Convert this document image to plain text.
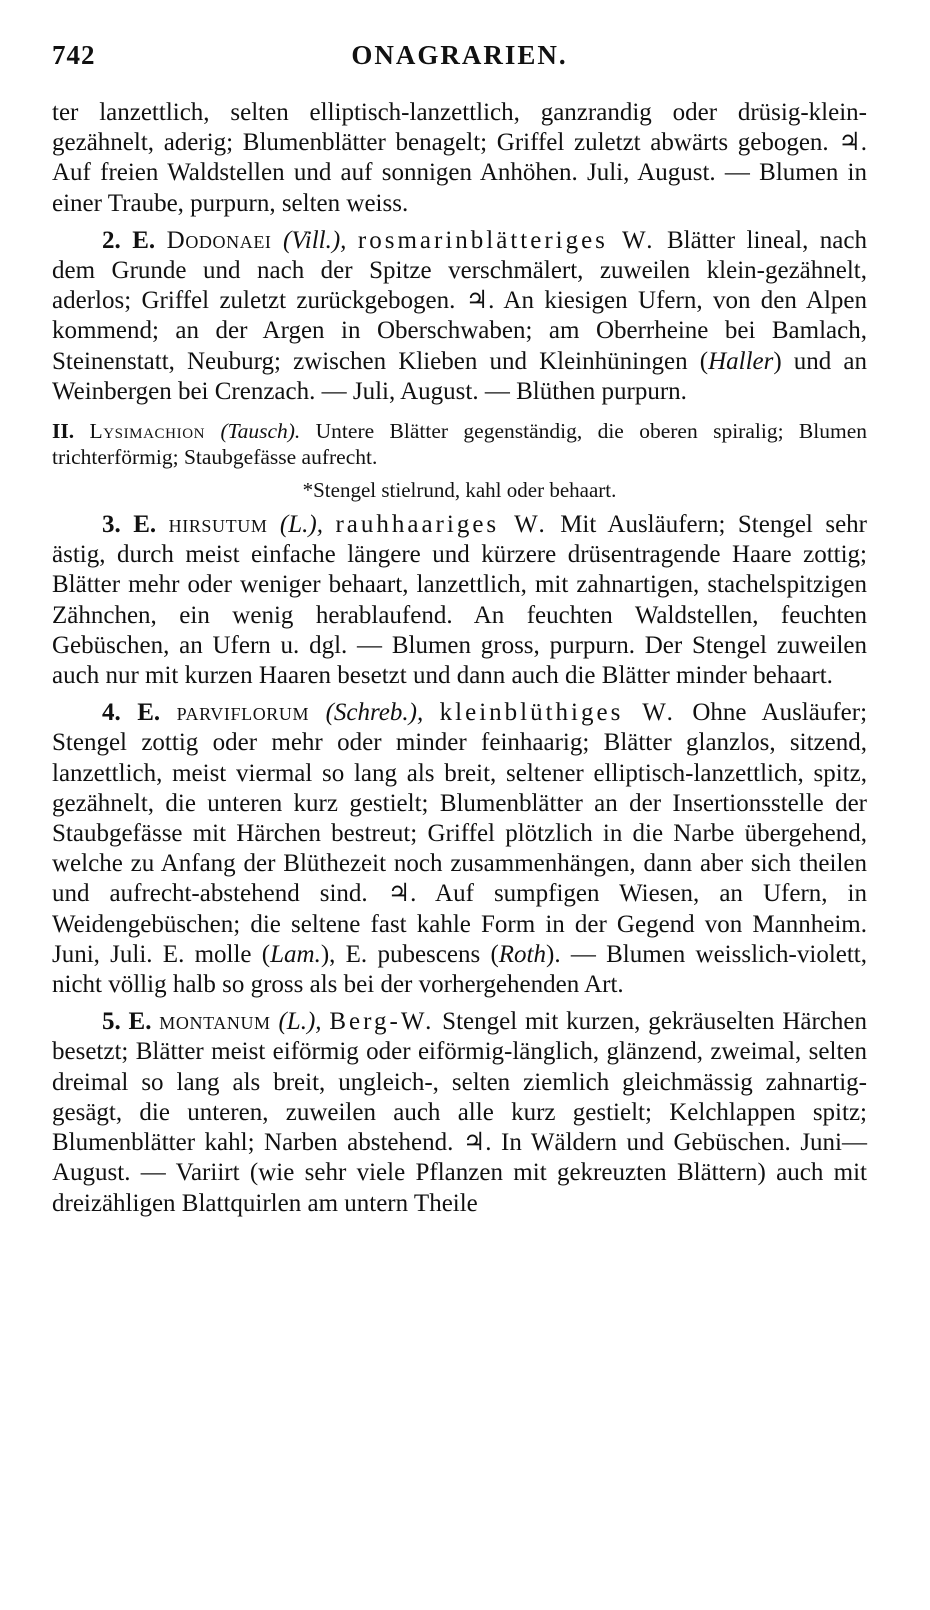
742	ONAGRARIEN.

ter lanzettlich, selten elliptisch-lanzettlich, ganzrandig oder drüsig-klein-gezähnelt, aderig; Blumenblätter benagelt; Griffel zuletzt abwärts gebogen. ♃. Auf freien Waldstellen und auf sonnigen Anhöhen. Juli, August. — Blumen in einer Traube, purpurn, selten weiss.

2. E. Dodonaei (Vill.), rosmarinblätteriges W. Blätter lineal, nach dem Grunde und nach der Spitze verschmälert, zuweilen klein-gezähnelt, aderlos; Griffel zuletzt zurückgebogen. ♃. An kiesigen Ufern, von den Alpen kommend; an der Argen in Oberschwaben; am Oberrheine bei Bamlach, Steinenstatt, Neuburg; zwischen Klieben und Kleinhüningen (Haller) und an Weinbergen bei Crenzach. — Juli, August. — Blüthen purpurn.

II. Lysimachion (Tausch). Untere Blätter gegenständig, die oberen spiralig; Blumen trichterförmig; Staubgefässe aufrecht.

*Stengel stielrund, kahl oder behaart.

3. E. hirsutum (L.), rauhhaariges W. Mit Ausläufern; Stengel sehr ästig, durch meist einfache längere und kürzere drüsentragende Haare zottig; Blätter mehr oder weniger behaart, lanzettlich, mit zahnartigen, stachelspitzigen Zähnchen, ein wenig herablaufend. An feuchten Waldstellen, feuchten Gebüschen, an Ufern u. dgl. — Blumen gross, purpurn. Der Stengel zuweilen auch nur mit kurzen Haaren besetzt und dann auch die Blätter minder behaart.

4. E. parviflorum (Schreb.), kleinblüthiges W. Ohne Ausläufer; Stengel zottig oder mehr oder minder feinhaarig; Blätter glanzlos, sitzend, lanzettlich, meist viermal so lang als breit, seltener elliptisch-lanzettlich, spitz, gezähnelt, die unteren kurz gestielt; Blumenblätter an der Insertionsstelle der Staubgefässe mit Härchen bestreut; Griffel plötzlich in die Narbe übergehend, welche zu Anfang der Blüthezeit noch zusammenhängen, dann aber sich theilen und aufrecht-abstehend sind. ♃. Auf sumpfigen Wiesen, an Ufern, in Weidengebüschen; die seltene fast kahle Form in der Gegend von Mannheim. Juni, Juli. E. molle (Lam.), E. pubescens (Roth). — Blumen weisslich-violett, nicht völlig halb so gross als bei der vorhergehenden Art.

5. E. montanum (L.), Berg-W. Stengel mit kurzen, gekräuselten Härchen besetzt; Blätter meist eiförmig oder eiförmig-länglich, glänzend, zweimal, selten dreimal so lang als breit, ungleich-, selten ziemlich gleichmässig zahnartig-gesägt, die unteren, zuweilen auch alle kurz gestielt; Kelchlappen spitz; Blumenblätter kahl; Narben abstehend. ♃. In Wäldern und Gebüschen. Juni—August. — Variirt (wie sehr viele Pflanzen mit gekreuzten Blättern) auch mit dreizähligen Blattquirlen am untern Theile
